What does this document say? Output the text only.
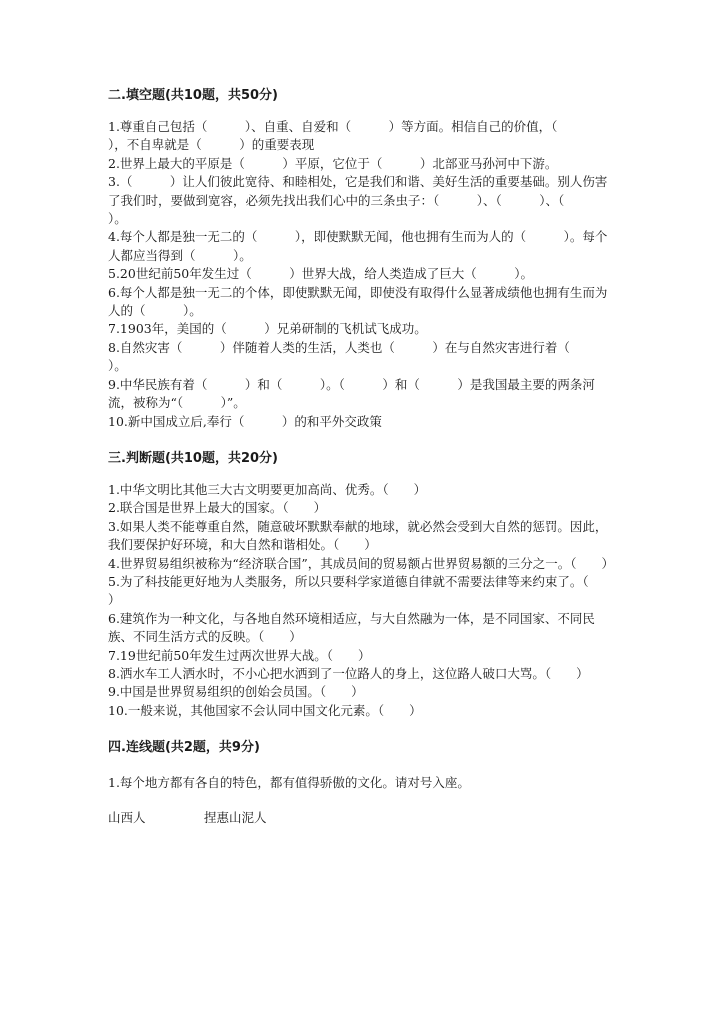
二.填空题(共10题，共50分)

1.尊重自己包括（　　　）、自重、自爱和（　　　）等方面。相信自己的价值，（　　　），不自卑就是（　　　）的重要表现

2.世界上最大的平原是（　　　）平原，它位于（　　　）北部亚马孙河中下游。

3.（　　　）让人们彼此宽待、和睦相处，它是我们和谐、美好生活的重要基础。别人伤害了我们时，要做到宽容，必须先找出我们心中的三条虫子：（　　　）、（　　　）、（　　　）。

4.每个人都是独一无二的（　　　），即使默默无闻，他也拥有生而为人的（　　　）。每个人都应当得到（　　　）。

5.20世纪前50年发生过（　　　）世界大战，给人类造成了巨大（　　　）。

6.每个人都是独一无二的个体，即使默默无闻，即使没有取得什么显著成绩他也拥有生而为人的（　　　）。

7.1903年，美国的（　　　）兄弟研制的飞机试飞成功。

8.自然灾害（　　　）伴随着人类的生活，人类也（　　　）在与自然灾害进行着（　　　）。

9.中华民族有着（　　　）和（　　　）。（　　　）和（　　　）是我国最主要的两条河流，被称为“（　　　）”。

10.新中国成立后,奉行（　　　）的和平外交政策

三.判断题(共10题，共20分)

1.中华文明比其他三大古文明要更加高尚、优秀。（　　）

2.联合国是世界上最大的国家。（　　）

3.如果人类不能尊重自然，随意破坏默默奉献的地球，就必然会受到大自然的惩罚。因此，我们要保护好环境，和大自然和谐相处。（　　）

4.世界贸易组织被称为“经济联合国”，其成员间的贸易额占世界贸易额的三分之一。（　　）

5.为了科技能更好地为人类服务，所以只要科学家道德自律就不需要法律等来约束了。（　　）

6.建筑作为一种文化，与各地自然环境相适应，与大自然融为一体，是不同国家、不同民族、不同生活方式的反映。（　　）

7.19世纪前50年发生过两次世界大战。（　　）

8.洒水车工人洒水时，不小心把水洒到了一位路人的身上，这位路人破口大骂。（　　）

9.中国是世界贸易组织的创始会员国。（　　）

10.一般来说，其他国家不会认同中国文化元素。（　　）

四.连线题(共2题，共9分)

1.每个地方都有各自的特色，都有值得骄傲的文化。请对号入座。

山西人	捏惠山泥人
